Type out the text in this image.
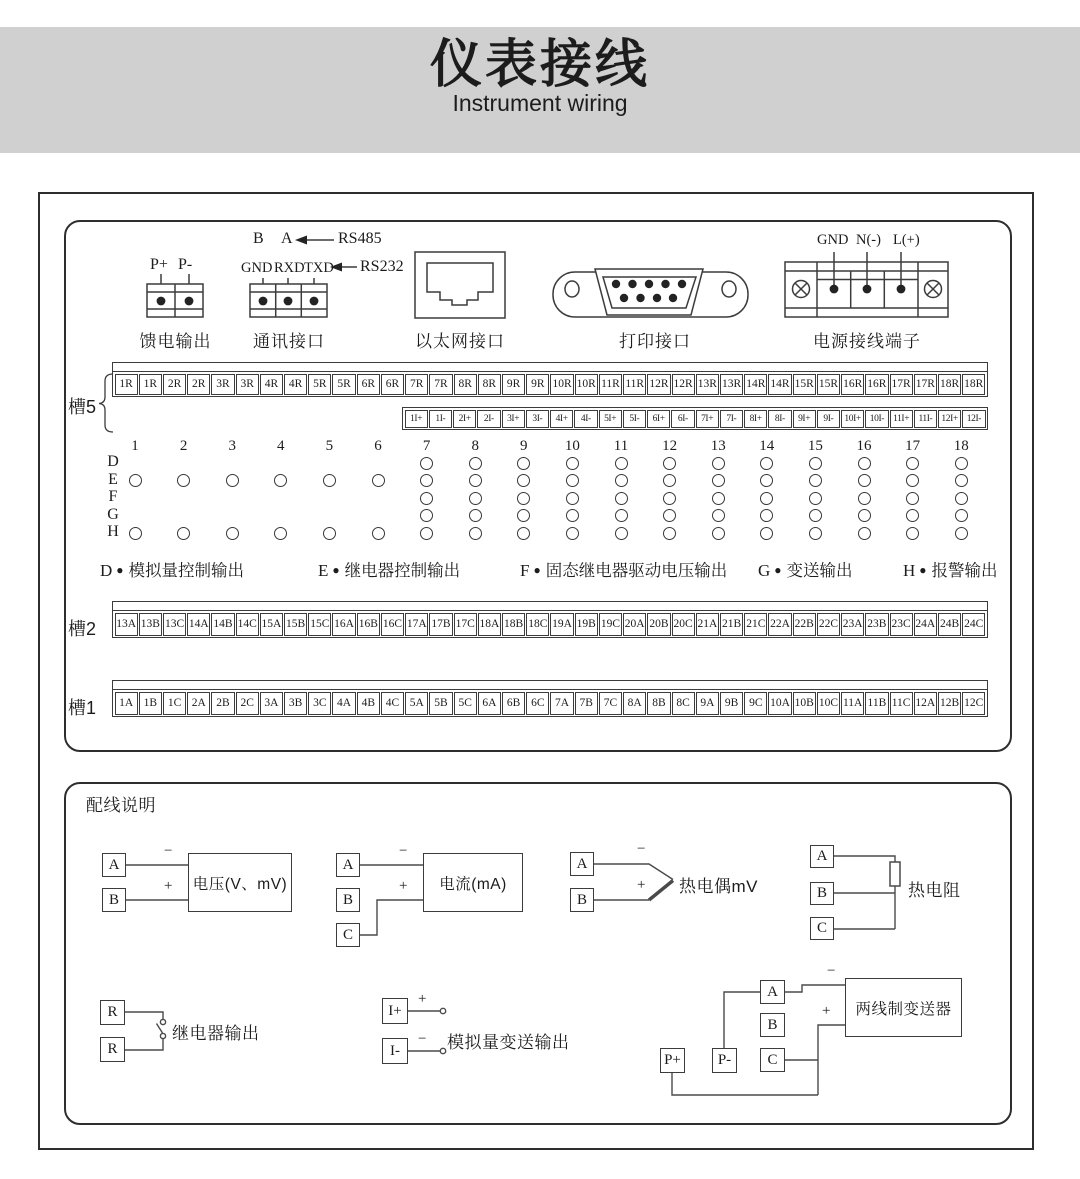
仪表接线
Instrument wiring
P+ P-
B A	RS485
GND RXD TXD RS232
GND N(-) L(+)
馈电输出	通讯接口	以太网接口	打印接口	电源接线端子
槽5
槽2
槽1
1R 1R 2R 2R 3R 3R 4R 4R 5R 5R 6R 6R 7R 7R 8R 8R 9R 9R 10R 10R 11R 11R 12R 12R 13R 13R 14R 14R 15R 15R 16R 16R 17R 17R 18R 18R
1I+	1I-	2I+	2I-	3I+	3I-	4I+	4I-	5I+	5I-	6I+	6I-	7I+	7I-	8I+	8I-	9I+	9I-	10I+ 10I- 11I+ 11I- 12I+ 12I-
13A 13B 13C 14A 14B 14C 15A 15B 15C 16A 16B 16C 17A 17B 17C 18A 18B 18C 19A 19B 19C 20A 20B 20C 21A 21B 21C 22A 22B 22C 23A 23B 23C 24A 24B 24C
1A 1B 1C 2A 2B 2C 3A 3B 3C 4A 4B 4C 5A 5B 5C 6A 6B 6C 7A 7B 7C 8A 8B 8C 9A 9B 9C 10A 10B 10C 11A 11B 11C 12A 12B 12C
1	2	3	4	5	6	7	8	9	10	11	12	13	14	15	16	17	18
D
E
F
G
H
D ● 模拟量控制输出	E ● 继电器控制输出	F ● 固态继电器驱动电压输出 G ● 变送输出	H ● 报警输出
配线说明
A
B
−
+	电压(V、mV)
A
B
C
−
+	电流(mA)
A
B
−
+ 热电偶mV
A
B
C
热电阻
R
R
继电器输出
I+
I-
+
− 模拟量变送输出
P+	P-
A
B
C
−
+	两线制变送器
